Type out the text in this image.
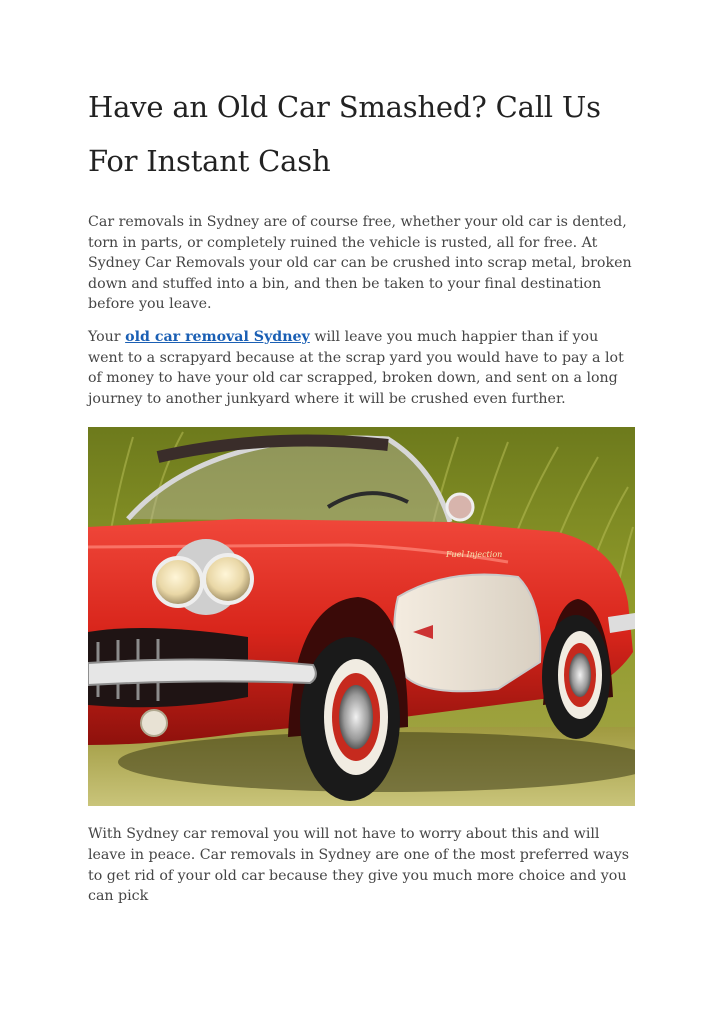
Have an Old Car Smashed? Call Us For Instant Cash

Car removals in Sydney are of course free, whether your old car is dented, torn in parts, or completely ruined the vehicle is rusted, all for free. At Sydney Car Removals your old car can be crushed into scrap metal, broken down and stuffed into a bin, and then be taken to your final destination before you leave.

Your old car removal Sydney will leave you much happier than if you went to a scrapyard because at the scrap yard you would have to pay a lot of money to have your old car scrapped, broken down, and sent on a long journey to another junkyard where it will be crushed even further.

Fuel Injection

With Sydney car removal you will not have to worry about this and will leave in peace. Car removals in Sydney are one of the most preferred ways to get rid of your old car because they give you much more choice and you can pick
